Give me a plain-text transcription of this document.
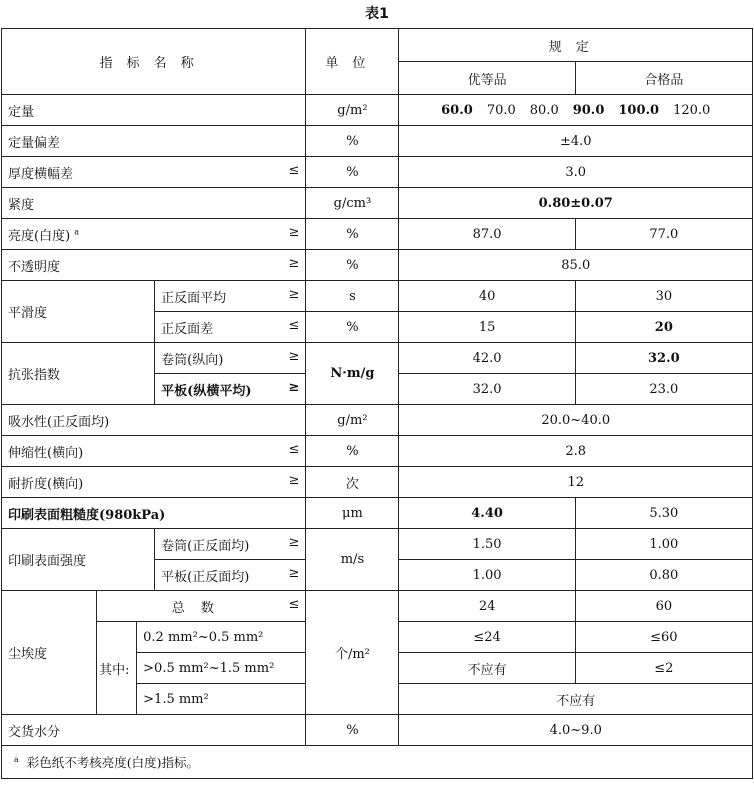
表1
指标名称				单位	规定	
					优等品	合格品
定量				g/m²	60.0 70.0 80.0 90.0 100.0 120.0	
定量偏差				%	±4.0	
厚度横幅差 ≤				%	3.0	
紧度				g/cm³	0.80±0.07	
亮度(白度) $^a$ ≥				%	87.0	77.0
不透明度 ≥				%	85.0	
平滑度			正反面平均 ≥	s	40	30
			正反面差 ≤	%	15	20
抗张指数			卷筒(纵向) ≥	N·m/g	42.0	32.0
			平板(纵横平均) ≥		32.0	23.0
吸水性(正反面均)				g/m²	20.0~40.0	
伸缩性(横向) ≤				%	2.8	
耐折度(横向) ≥				次	12	
印刷表面粗糙度(980kPa)				μm	4.40	5.30
印刷表面强度			卷筒(正反面均) ≥	m/s	1.50	1.00
			平板(正反面均) ≥		1.00	0.80
尘埃度	总 数 ≤			个/m²	24	60
	其中:	0.2 mm²~0.5 mm²			≤24	≤60
		>0.5 mm²~1.5 mm²			不应有	≤2
		>1.5 mm²			不应有	
交货水分				%	4.0~9.0	
$^a$ 彩色纸不考核亮度(白度)指标。						
